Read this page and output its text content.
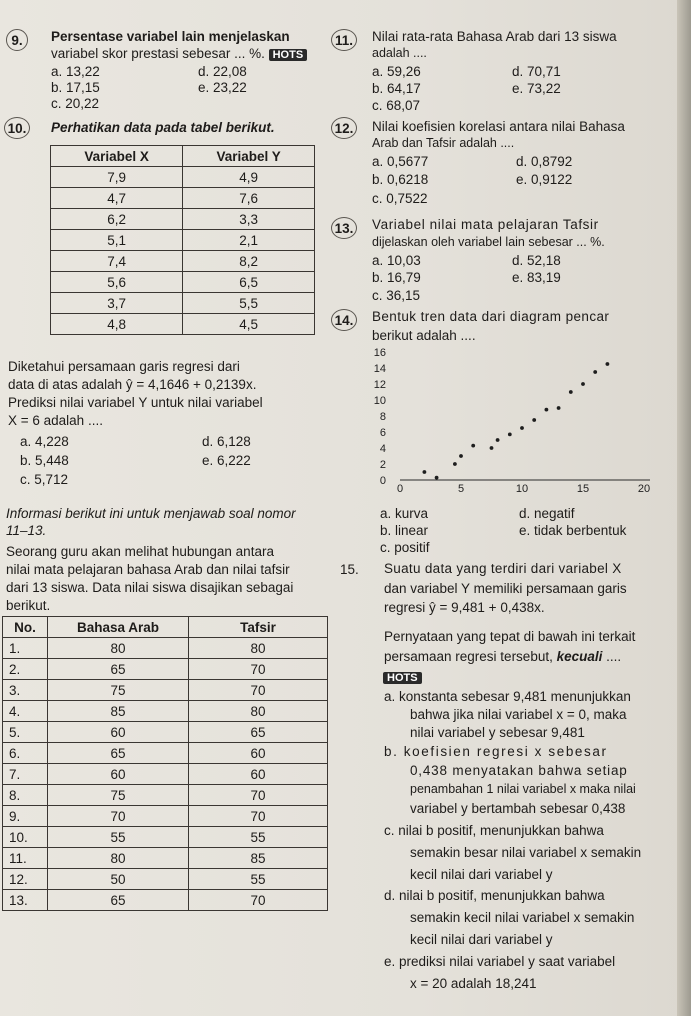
9.	Persentase variabel lain menjelaskan
variabel skor prestasi sebesar ... %. HOTS
a. 13,22	d. 22,08
b. 17,15	e. 23,22
c. 20,22
10. Perhatikan data pada tabel berikut.
Variabel X	Variabel Y
7,9	4,9
4,7	7,6
6,2	3,3
5,1	2,1
7,4	8,2
5,6	6,5
3,7	5,5
4,8	4,5
Diketahui persamaan garis regresi dari
data di atas adalah ŷ = 4,1646 + 0,2139x.
Prediksi nilai variabel Y untuk nilai variabel
X = 6 adalah ....
a. 4,228	d. 6,128
b. 5,448	e. 6,222
c. 5,712
Informasi berikut ini untuk menjawab soal nomor
11–13.
Seorang guru akan melihat hubungan antara
nilai mata pelajaran bahasa Arab dan nilai tafsir
dari 13 siswa. Data nilai siswa disajikan sebagai
berikut.
No.	Bahasa Arab	Tafsir
1.	80	80
2.	65	70
3.	75	70
4.	85	80
5.	60	65
6.	65	60
7.	60	60
8.	75	70
9.	70	70
10.	55	55
11.	80	85
12.	50	55
13.	65	70
11. Nilai rata-rata Bahasa Arab dari 13 siswa
adalah ....
a. 59,26	d. 70,71
b. 64,17	e. 73,22
c. 68,07
12. Nilai koefisien korelasi antara nilai Bahasa
Arab dan Tafsir adalah ....
a. 0,5677	d. 0,8792
b. 0,6218	e. 0,9122
c. 0,7522
13. Variabel nilai mata pelajaran Tafsir
dijelaskan oleh variabel lain sebesar ... %.
a. 10,03	d. 52,18
b. 16,79	e. 83,19
c. 36,15
14. Bentuk tren data dari diagram pencar
berikut adalah ....
0	5	10	15	20
0
2
4
6
8
10
12
14
16
a. kurva	d. negatif
b. linear	e. tidak berbentuk
c. positif
15. Suatu data yang terdiri dari variabel X
dan variabel Y memiliki persamaan garis
regresi ŷ = 9,481 + 0,438x.
Pernyataan yang tepat di bawah ini terkait
persamaan regresi tersebut, kecuali ....
HOTS
a. konstanta sebesar 9,481 menunjukkan
bahwa jika nilai variabel x = 0, maka
nilai variabel y sebesar 9,481
b. koefisien regresi x sebesar
0,438 menyatakan bahwa setiap
penambahan 1 nilai variabel x maka nilai
variabel y bertambah sebesar 0,438
c. nilai b positif, menunjukkan bahwa
semakin besar nilai variabel x semakin
kecil nilai dari variabel y
d. nilai b positif, menunjukkan bahwa
semakin kecil nilai variabel x semakin
kecil nilai dari variabel y
e. prediksi nilai variabel y saat variabel
x = 20 adalah 18,241
